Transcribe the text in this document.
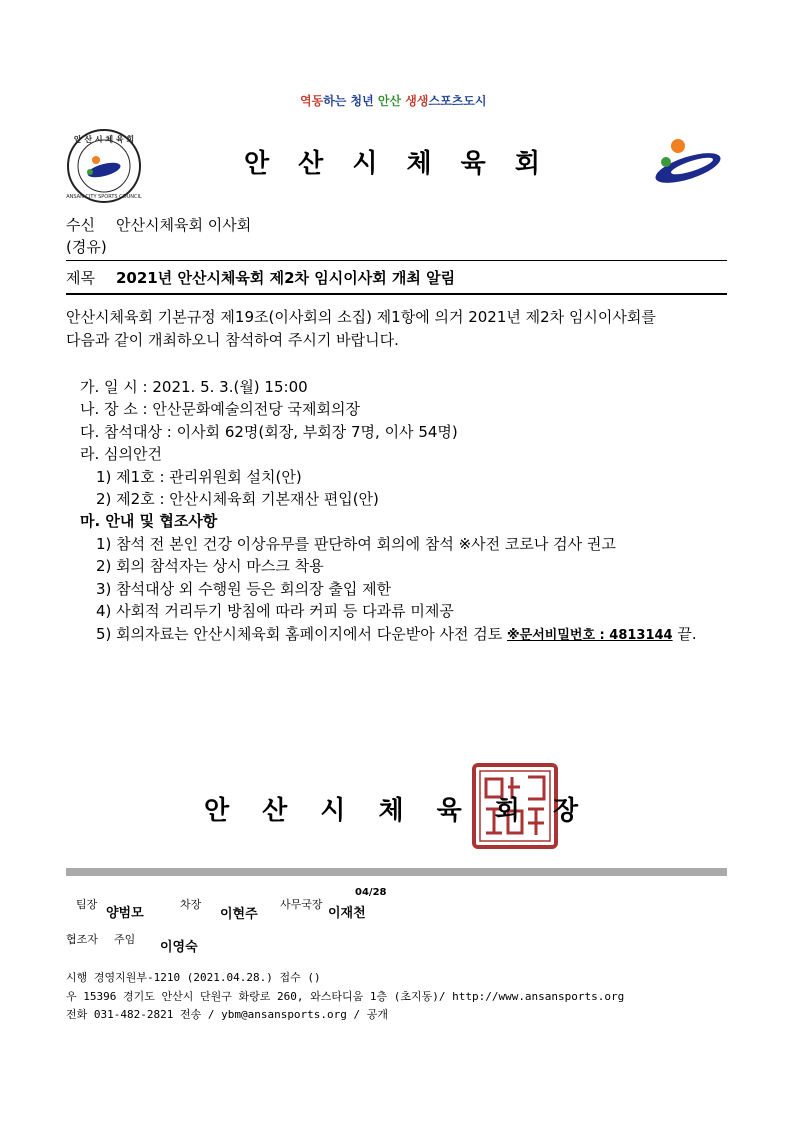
역동하는 청년 안산 생생스포츠도시
안 산 시 체 육 회
ANSAN CITY SPORTS COUNCIL
안 산 시 체 육 회
수신 안산시체육회 이사회
(경유)
제목 2021년 안산시체육회 제2차 임시이사회 개최 알림
안산시체육회 기본규정 제19조(이사회의 소집) 제1항에 의거 2021년 제2차 임시이사회를
다음과 같이 개최하오니 참석하여 주시기 바랍니다.
가. 일 시 : 2021. 5. 3.(월) 15:00
나. 장 소 : 안산문화예술의전당 국제회의장
다. 참석대상 : 이사회 62명(회장, 부회장 7명, 이사 54명)
라. 심의안건
1) 제1호 : 관리위원회 설치(안)
2) 제2호 : 안산시체육회 기본재산 편입(안)
마. 안내 및 협조사항
1) 참석 전 본인 건강 이상유무를 판단하여 회의에 참석 ※사전 코로나 검사 권고
2) 회의 참석자는 상시 마스크 착용
3) 참석대상 외 수행원 등은 회의장 출입 제한
4) 사회적 거리두기 방침에 따라 커피 등 다과류 미제공
5) 회의자료는 안산시체육회 홈페이지에서 다운받아 사전 검토 ※문서비밀번호 : 4813144 끝.
안 산 시 체 육 회 장
팀장
양범모
차장
이현주
사무국장
04/28
이재천
협조자 주임
이영숙
시행 경영지원부-1210 (2021.04.28.) 접수 ()
우 15396 경기도 안산시 단원구 화랑로 260, 와스타디움 1층 (초지동)/ http://www.ansansports.org
전화 031-482-2821 전송 / ybm@ansansports.org / 공개
